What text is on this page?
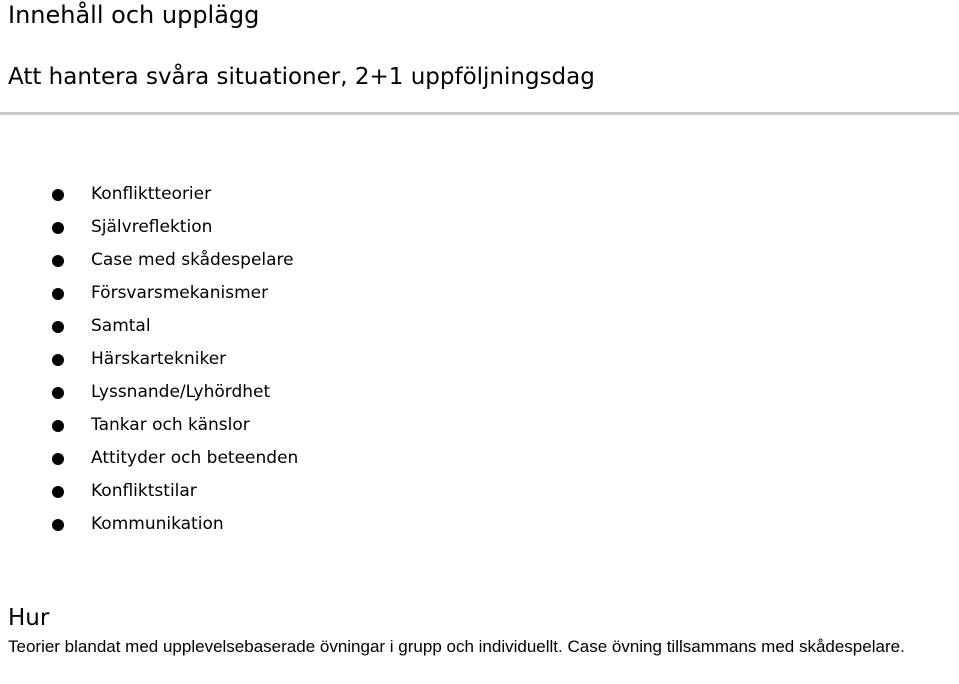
Innehåll och upplägg
Att hantera svåra situationer, 2+1 uppföljningsdag
Konfliktteorier
Självreflektion
Case med skådespelare
Försvarsmekanismer
Samtal
Härskartekniker
Lyssnande/Lyhördhet
Tankar och känslor
Attityder och beteenden
Konfliktstilar
Kommunikation
Hur

Teorier blandat med upplevelsebaserade övningar i grupp och individuellt. Case övning tillsammans med skådespelare.
